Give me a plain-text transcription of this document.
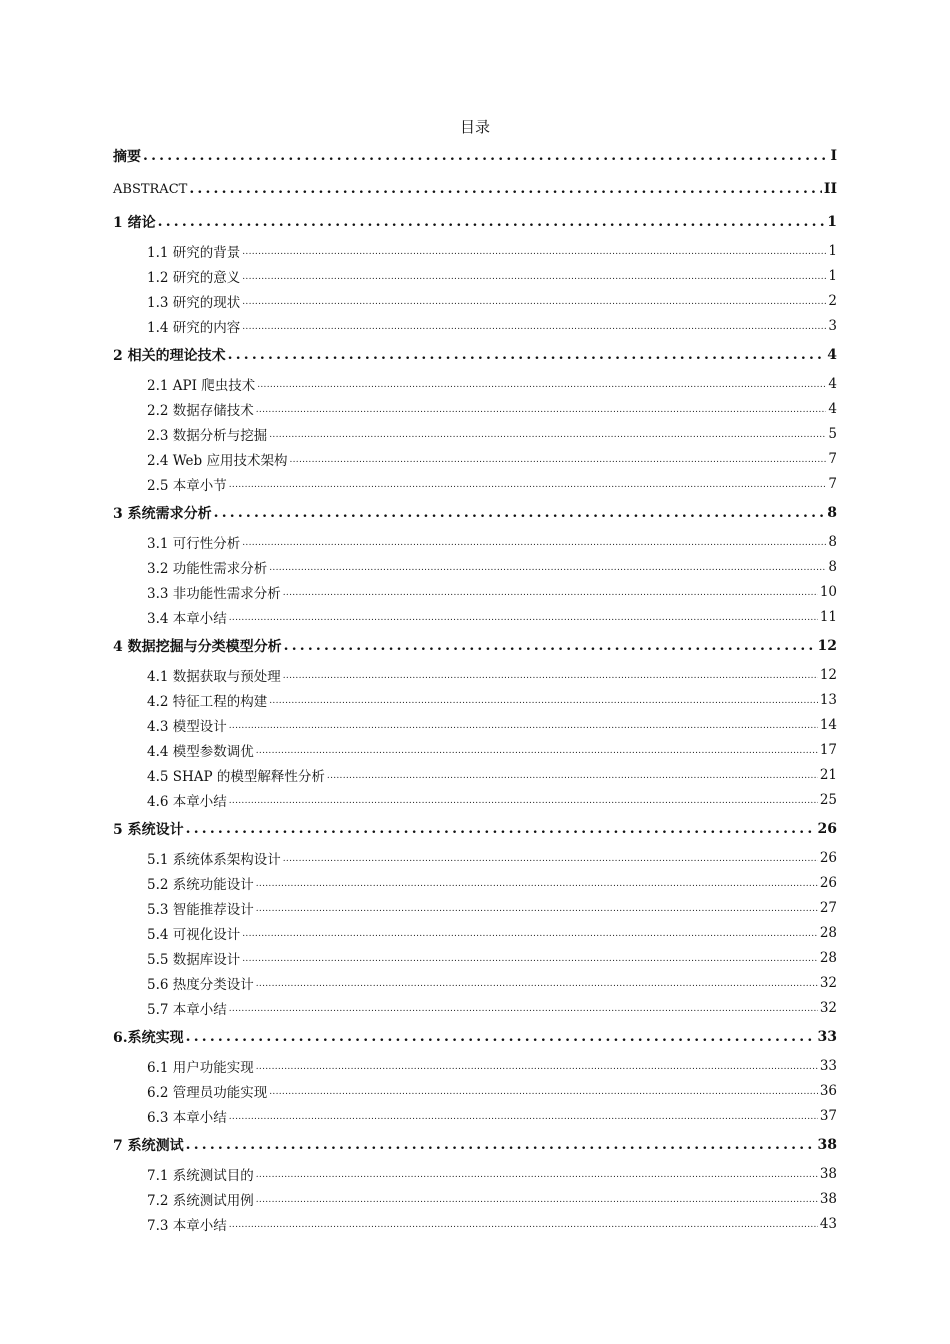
目录
摘要 .....	I
ABSTRACT .....	II
1 绪论 .....	1
1.1 研究的背景 .....	1
1.2 研究的意义 .....	1
1.3 研究的现状 .....	2
1.4 研究的内容 .....	3
2 相关的理论技术 .....	4
2.1 API 爬虫技术 .....	4
2.2 数据存储技术 .....	4
2.3 数据分析与挖掘 .....	5
2.4 Web 应用技术架构 .....	7
2.5 本章小节 .....	7
3 系统需求分析 .....	8
3.1 可行性分析 .....	8
3.2 功能性需求分析 .....	8
3.3 非功能性需求分析 .....	10
3.4 本章小结 .....	11
4 数据挖掘与分类模型分析 .....	12
4.1 数据获取与预处理 .....	12
4.2 特征工程的构建 .....	13
4.3 模型设计 .....	14
4.4 模型参数调优 .....	17
4.5 SHAP 的模型解释性分析 .....	21
4.6 本章小结 .....	25
5 系统设计 .....	26
5.1 系统体系架构设计 .....	26
5.2 系统功能设计 .....	26
5.3 智能推荐设计 .....	27
5.4 可视化设计 .....	28
5.5 数据库设计 .....	28
5.6 热度分类设计 .....	32
5.7 本章小结 .....	32
6.系统实现 .....	33
6.1 用户功能实现 .....	33
6.2 管理员功能实现 .....	36
6.3 本章小结 .....	37
7 系统测试 .....	38
7.1 系统测试目的 .....	38
7.2 系统测试用例 .....	38
7.3 本章小结 .....	43
